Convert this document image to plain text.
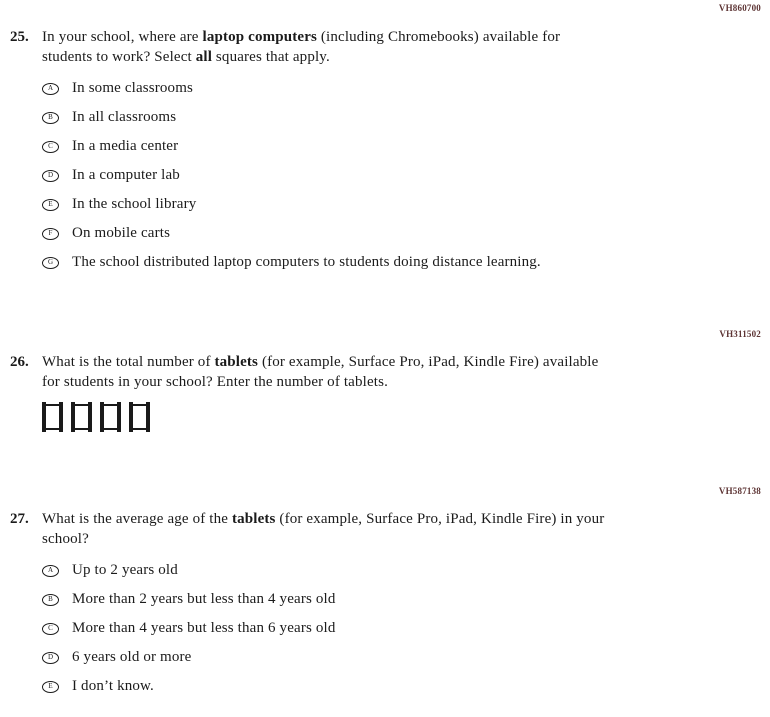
VH860700
25. In your school, where are laptop computers (including Chromebooks) available for
students to work? Select all squares that apply.
A	In some classrooms
B	In all classrooms
C	In a media center
D	In a computer lab
E	In the school library
F	On mobile carts
G	The school distributed laptop computers to students doing distance learning.
VH311502
26. What is the total number of tablets (for example, Surface Pro, iPad, Kindle Fire) available
for students in your school? Enter the number of tablets.
VH587138
27. What is the average age of the tablets (for example, Surface Pro, iPad, Kindle Fire) in your
school?
A	Up to 2 years old
B	More than 2 years but less than 4 years old
C	More than 4 years but less than 6 years old
D	6 years old or more
E	I don’t know.
